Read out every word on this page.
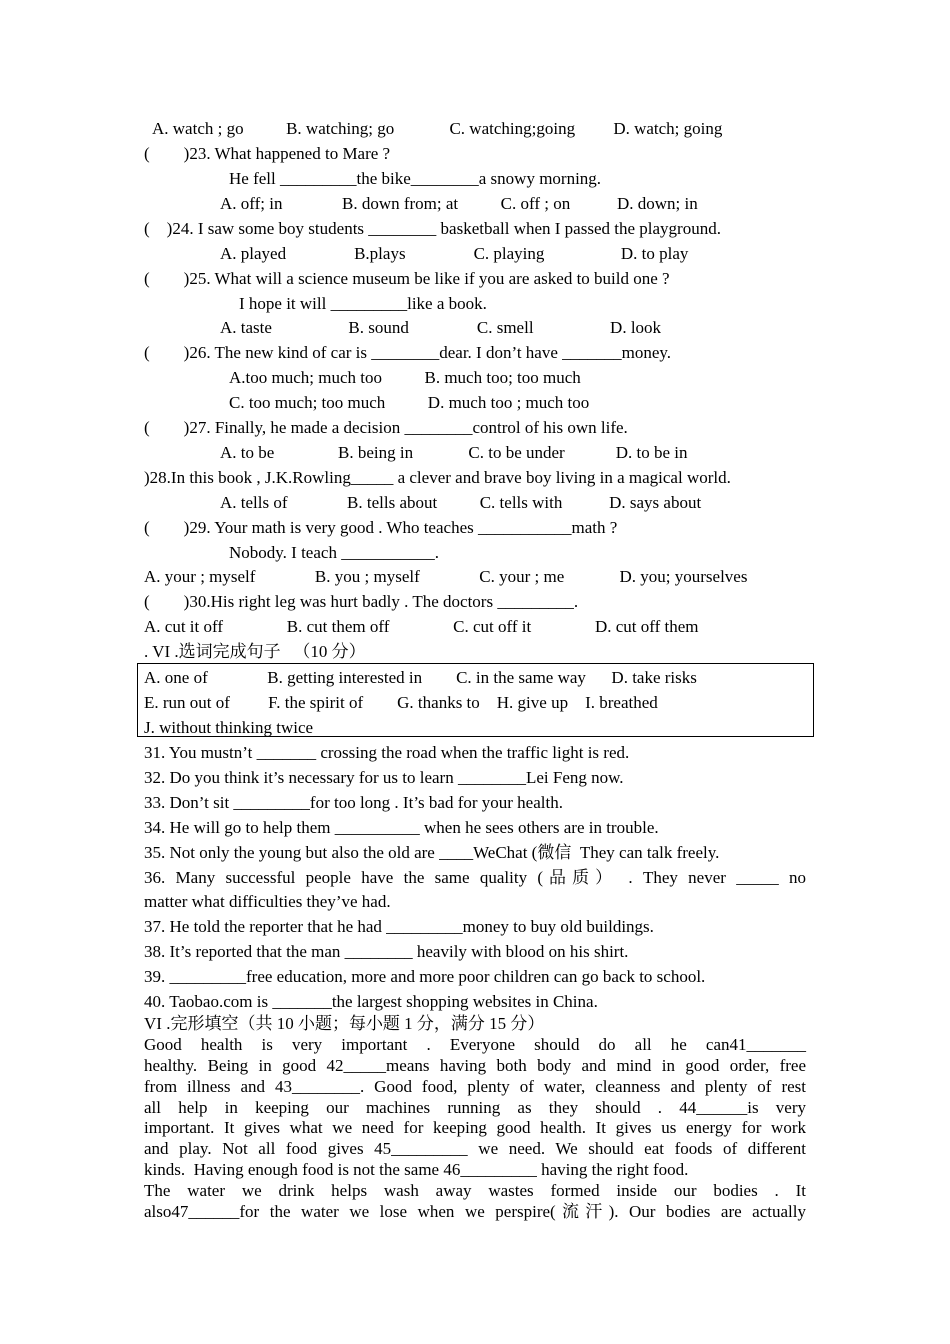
A. watch ; go          B. watching; go             C. watching;going         D. watch; going
(        )23. What happened to Mare ?
He fell _________the bike________a snowy morning.
A. off; in              B. down from; at          C. off ; on           D. down; in
(    )24. I saw some boy students ________ basketball when I passed the playground.
A. played                B.plays                C. playing                  D. to play
(        )25. What will a science museum be like if you are asked to build one ?
I hope it will _________like a book.
A. taste                  B. sound                C. smell                  D. look
(        )26. The new kind of car is ________dear. I don’t have _______money.
A.too much; much too          B. much too; too much
C. too much; too much          D. much too ; much too
(        )27. Finally, he made a decision ________control of his own life.
A. to be               B. being in             C. to be under            D. to be in
)28.In this book , J.K.Rowling_____ a clever and brave boy living in a magical world.
A. tells of              B. tells about          C. tells with           D. says about
(        )29. Your math is very good . Who teaches ___________math ?
Nobody. I teach ___________.
A. your ; myself              B. you ; myself              C. your ; me             D. you; yourselves
(        )30.His right leg was hurt badly . The doctors _________.
A. cut it off               B. cut them off               C. cut off it               D. cut off them
. VI .选词完成句子   （10 分）
A. one of              B. getting interested in        C. in the same way      D. take risks
E. run out of         F. the spirit of        G. thanks to    H. give up    I. breathed
J. without thinking twice
31. You mustn’t _______ crossing the road when the traffic light is red.
32. Do you think it’s necessary for us to learn ________Lei Feng now.
33. Don’t sit _________for too long . It’s bad for your health.
34. He will go to help them __________ when he sees others are in trouble.
35. Not only the young but also the old are ____WeChat (微信  They can talk freely.
36. Many successful people have the same quality (品质） . They never _____ no
matter what difficulties they’ve had.
37. He told the reporter that he had _________money to buy old buildings.
38. It’s reported that the man ________ heavily with blood on his shirt.
39. _________free education, more and more poor children can go back to school.
40. Taobao.com is _______the largest shopping websites in China.
VI .完形填空（共 10 小题；每小题 1 分，满分 15 分）
Good health is very important . Everyone should do all he can41_______
healthy. Being in good 42_____means having both body and mind in good order, free
from illness and 43________. Good food, plenty of water, cleanness and plenty of rest
all help in keeping our machines running as they should . 44______is very
important. It gives what we need for keeping good health. It gives us energy for work
and play. Not all food gives 45_________ we need. We should eat foods of different
kinds.  Having enough food is not the same 46_________ having the right food.
The water we drink helps wash away wastes formed inside our bodies . It
also47______for the water we lose when we perspire(流汗). Our bodies are actually
